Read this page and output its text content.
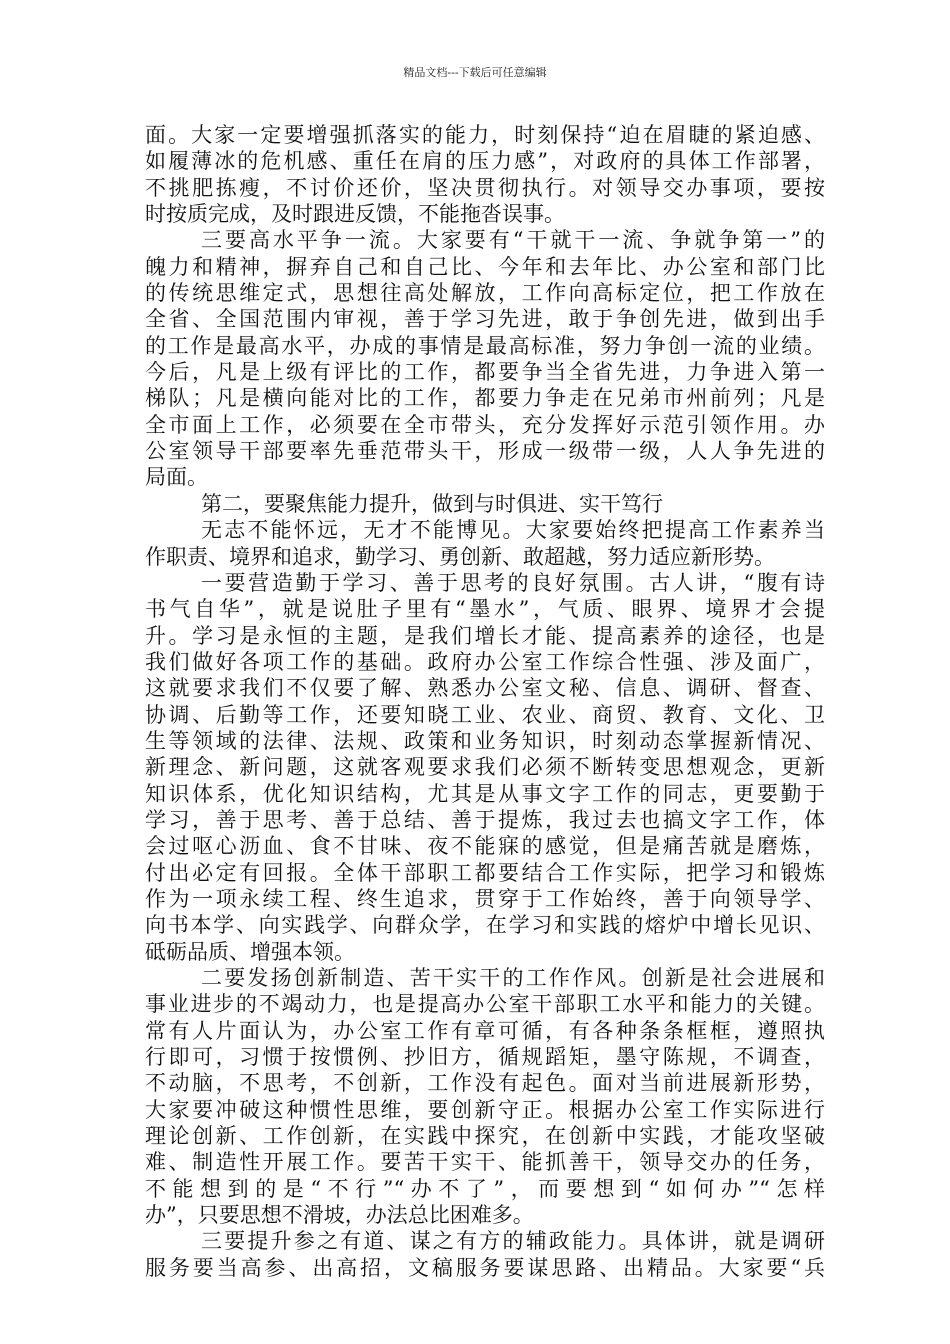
精品文档---下载后可任意编辑
面。大家一定要增强抓落实的能力，时刻保持“迫在眉睫的紧迫感、
如履薄冰的危机感、重任在肩的压力感”，对政府的具体工作部署，
不挑肥拣瘦，不讨价还价，坚决贯彻执行。对领导交办事项，要按
时按质完成，及时跟进反馈，不能拖沓误事。
三要高水平争一流。大家要有“干就干一流、争就争第一”的
魄力和精神，摒弃自己和自己比、今年和去年比、办公室和部门比
的传统思维定式，思想往高处解放，工作向高标定位，把工作放在
全省、全国范围内审视，善于学习先进，敢于争创先进，做到出手
的工作是最高水平，办成的事情是最高标准，努力争创一流的业绩。
今后，凡是上级有评比的工作，都要争当全省先进，力争进入第一
梯队；凡是横向能对比的工作，都要力争走在兄弟市州前列；凡是
全市面上工作，必须要在全市带头，充分发挥好示范引领作用。办
公室领导干部要率先垂范带头干，形成一级带一级，人人争先进的
局面。
第二，要聚焦能力提升，做到与时俱进、实干笃行
无志不能怀远，无才不能博见。大家要始终把提高工作素养当
作职责、境界和追求，勤学习、勇创新、敢超越，努力适应新形势。
一要营造勤于学习、善于思考的良好氛围。古人讲，“腹有诗
书气自华”，就是说肚子里有“墨水”，气质、眼界、境界才会提
升。学习是永恒的主题，是我们增长才能、提高素养的途径，也是
我们做好各项工作的基础。政府办公室工作综合性强、涉及面广，
这就要求我们不仅要了解、熟悉办公室文秘、信息、调研、督查、
协调、后勤等工作，还要知晓工业、农业、商贸、教育、文化、卫
生等领域的法律、法规、政策和业务知识，时刻动态掌握新情况、
新理念、新问题，这就客观要求我们必须不断转变思想观念，更新
知识体系，优化知识结构，尤其是从事文字工作的同志，更要勤于
学习，善于思考、善于总结、善于提炼，我过去也搞文字工作，体
会过呕心沥血、食不甘味、夜不能寐的感觉，但是痛苦就是磨炼，
付出必定有回报。全体干部职工都要结合工作实际，把学习和锻炼
作为一项永续工程、终生追求，贯穿于工作始终，善于向领导学、
向书本学、向实践学、向群众学，在学习和实践的熔炉中增长见识、
砥砺品质、增强本领。
二要发扬创新制造、苦干实干的工作作风。创新是社会进展和
事业进步的不竭动力，也是提高办公室干部职工水平和能力的关键。
常有人片面认为，办公室工作有章可循，有各种条条框框，遵照执
行即可，习惯于按惯例、抄旧方，循规蹈矩，墨守陈规，不调查，
不动脑，不思考，不创新，工作没有起色。面对当前进展新形势，
大家要冲破这种惯性思维，要创新守正。根据办公室工作实际进行
理论创新、工作创新，在实践中探究，在创新中实践，才能攻坚破
难、制造性开展工作。要苦干实干、能抓善干，领导交办的任务，
不能想到的是“不行”“办不了”，而要想到“如何办”“怎样
办”，只要思想不滑坡，办法总比困难多。
三要提升参之有道、谋之有方的辅政能力。具体讲，就是调研
服务要当高参、出高招，文稿服务要谋思路、出精品。大家要“兵
